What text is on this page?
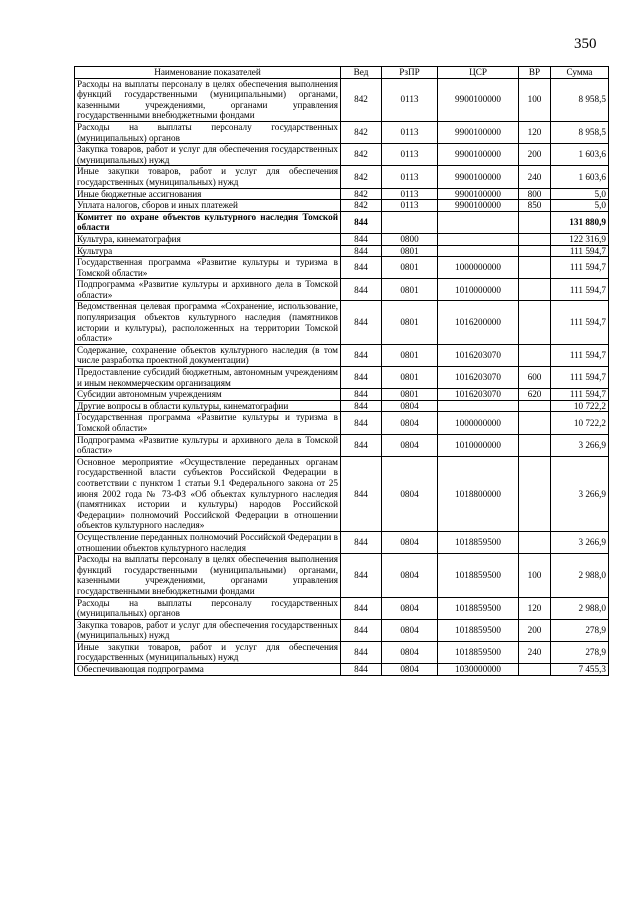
350
Наименование показателей	Вед	РзПР	ЦСР	ВР	Сумма
Расходы на выплаты персоналу в целях обеспечения выполнения функций государственными (муниципальными) органами, казенными учреждениями, органами управления государственными внебюджетными фондами	842	0113	9900100000	100	8 958,5
Расходы на выплаты персоналу государственных (муниципальных) органов	842	0113	9900100000	120	8 958,5
Закупка товаров, работ и услуг для обеспечения государственных (муниципальных) нужд	842	0113	9900100000	200	1 603,6
Иные закупки товаров, работ и услуг для обеспечения государственных (муниципальных) нужд	842	0113	9900100000	240	1 603,6
Иные бюджетные ассигнования	842	0113	9900100000	800	5,0
Уплата налогов, сборов и иных платежей	842	0113	9900100000	850	5,0
Комитет по охране объектов культурного наследия Томской области	844				131 880,9
Культура, кинематография	844	0800			122 316,9
Культура	844	0801			111 594,7
Государственная программа «Развитие культуры и туризма в Томской области»	844	0801	1000000000		111 594,7
Подпрограмма «Развитие культуры и архивного дела в Томской области»	844	0801	1010000000		111 594,7
Ведомственная целевая программа «Сохранение, использование, популяризация объектов культурного наследия (памятников истории и культуры), расположенных на территории Томской области»	844	0801	1016200000		111 594,7
Содержание, сохранение объектов культурного наследия (в том числе разработка проектной документации)	844	0801	1016203070		111 594,7
Предоставление субсидий бюджетным, автономным учреждениям и иным некоммерческим организациям	844	0801	1016203070	600	111 594,7
Субсидии автономным учреждениям	844	0801	1016203070	620	111 594,7
Другие вопросы в области культуры, кинематографии	844	0804			10 722,2
Государственная программа «Развитие культуры и туризма в Томской области»	844	0804	1000000000		10 722,2
Подпрограмма «Развитие культуры и архивного дела в Томской области»	844	0804	1010000000		3 266,9
Основное мероприятие «Осуществление переданных органам государственной власти субъектов Российской Федерации в соответствии с пунктом 1 статьи 9.1 Федерального закона от 25 июня 2002 года № 73-ФЗ «Об объектах культурного наследия (памятниках истории и культуры) народов Российской Федерации» полномочий Российской Федерации в отношении объектов культурного наследия»	844	0804	1018800000		3 266,9
Осуществление переданных полномочий Российской Федерации в отношении объектов культурного наследия	844	0804	1018859500		3 266,9
Расходы на выплаты персоналу в целях обеспечения выполнения функций государственными (муниципальными) органами, казенными учреждениями, органами управления государственными внебюджетными фондами	844	0804	1018859500	100	2 988,0
Расходы на выплаты персоналу государственных (муниципальных) органов	844	0804	1018859500	120	2 988,0
Закупка товаров, работ и услуг для обеспечения государственных (муниципальных) нужд	844	0804	1018859500	200	278,9
Иные закупки товаров, работ и услуг для обеспечения государственных (муниципальных) нужд	844	0804	1018859500	240	278,9
Обеспечивающая подпрограмма	844	0804	1030000000		7 455,3
